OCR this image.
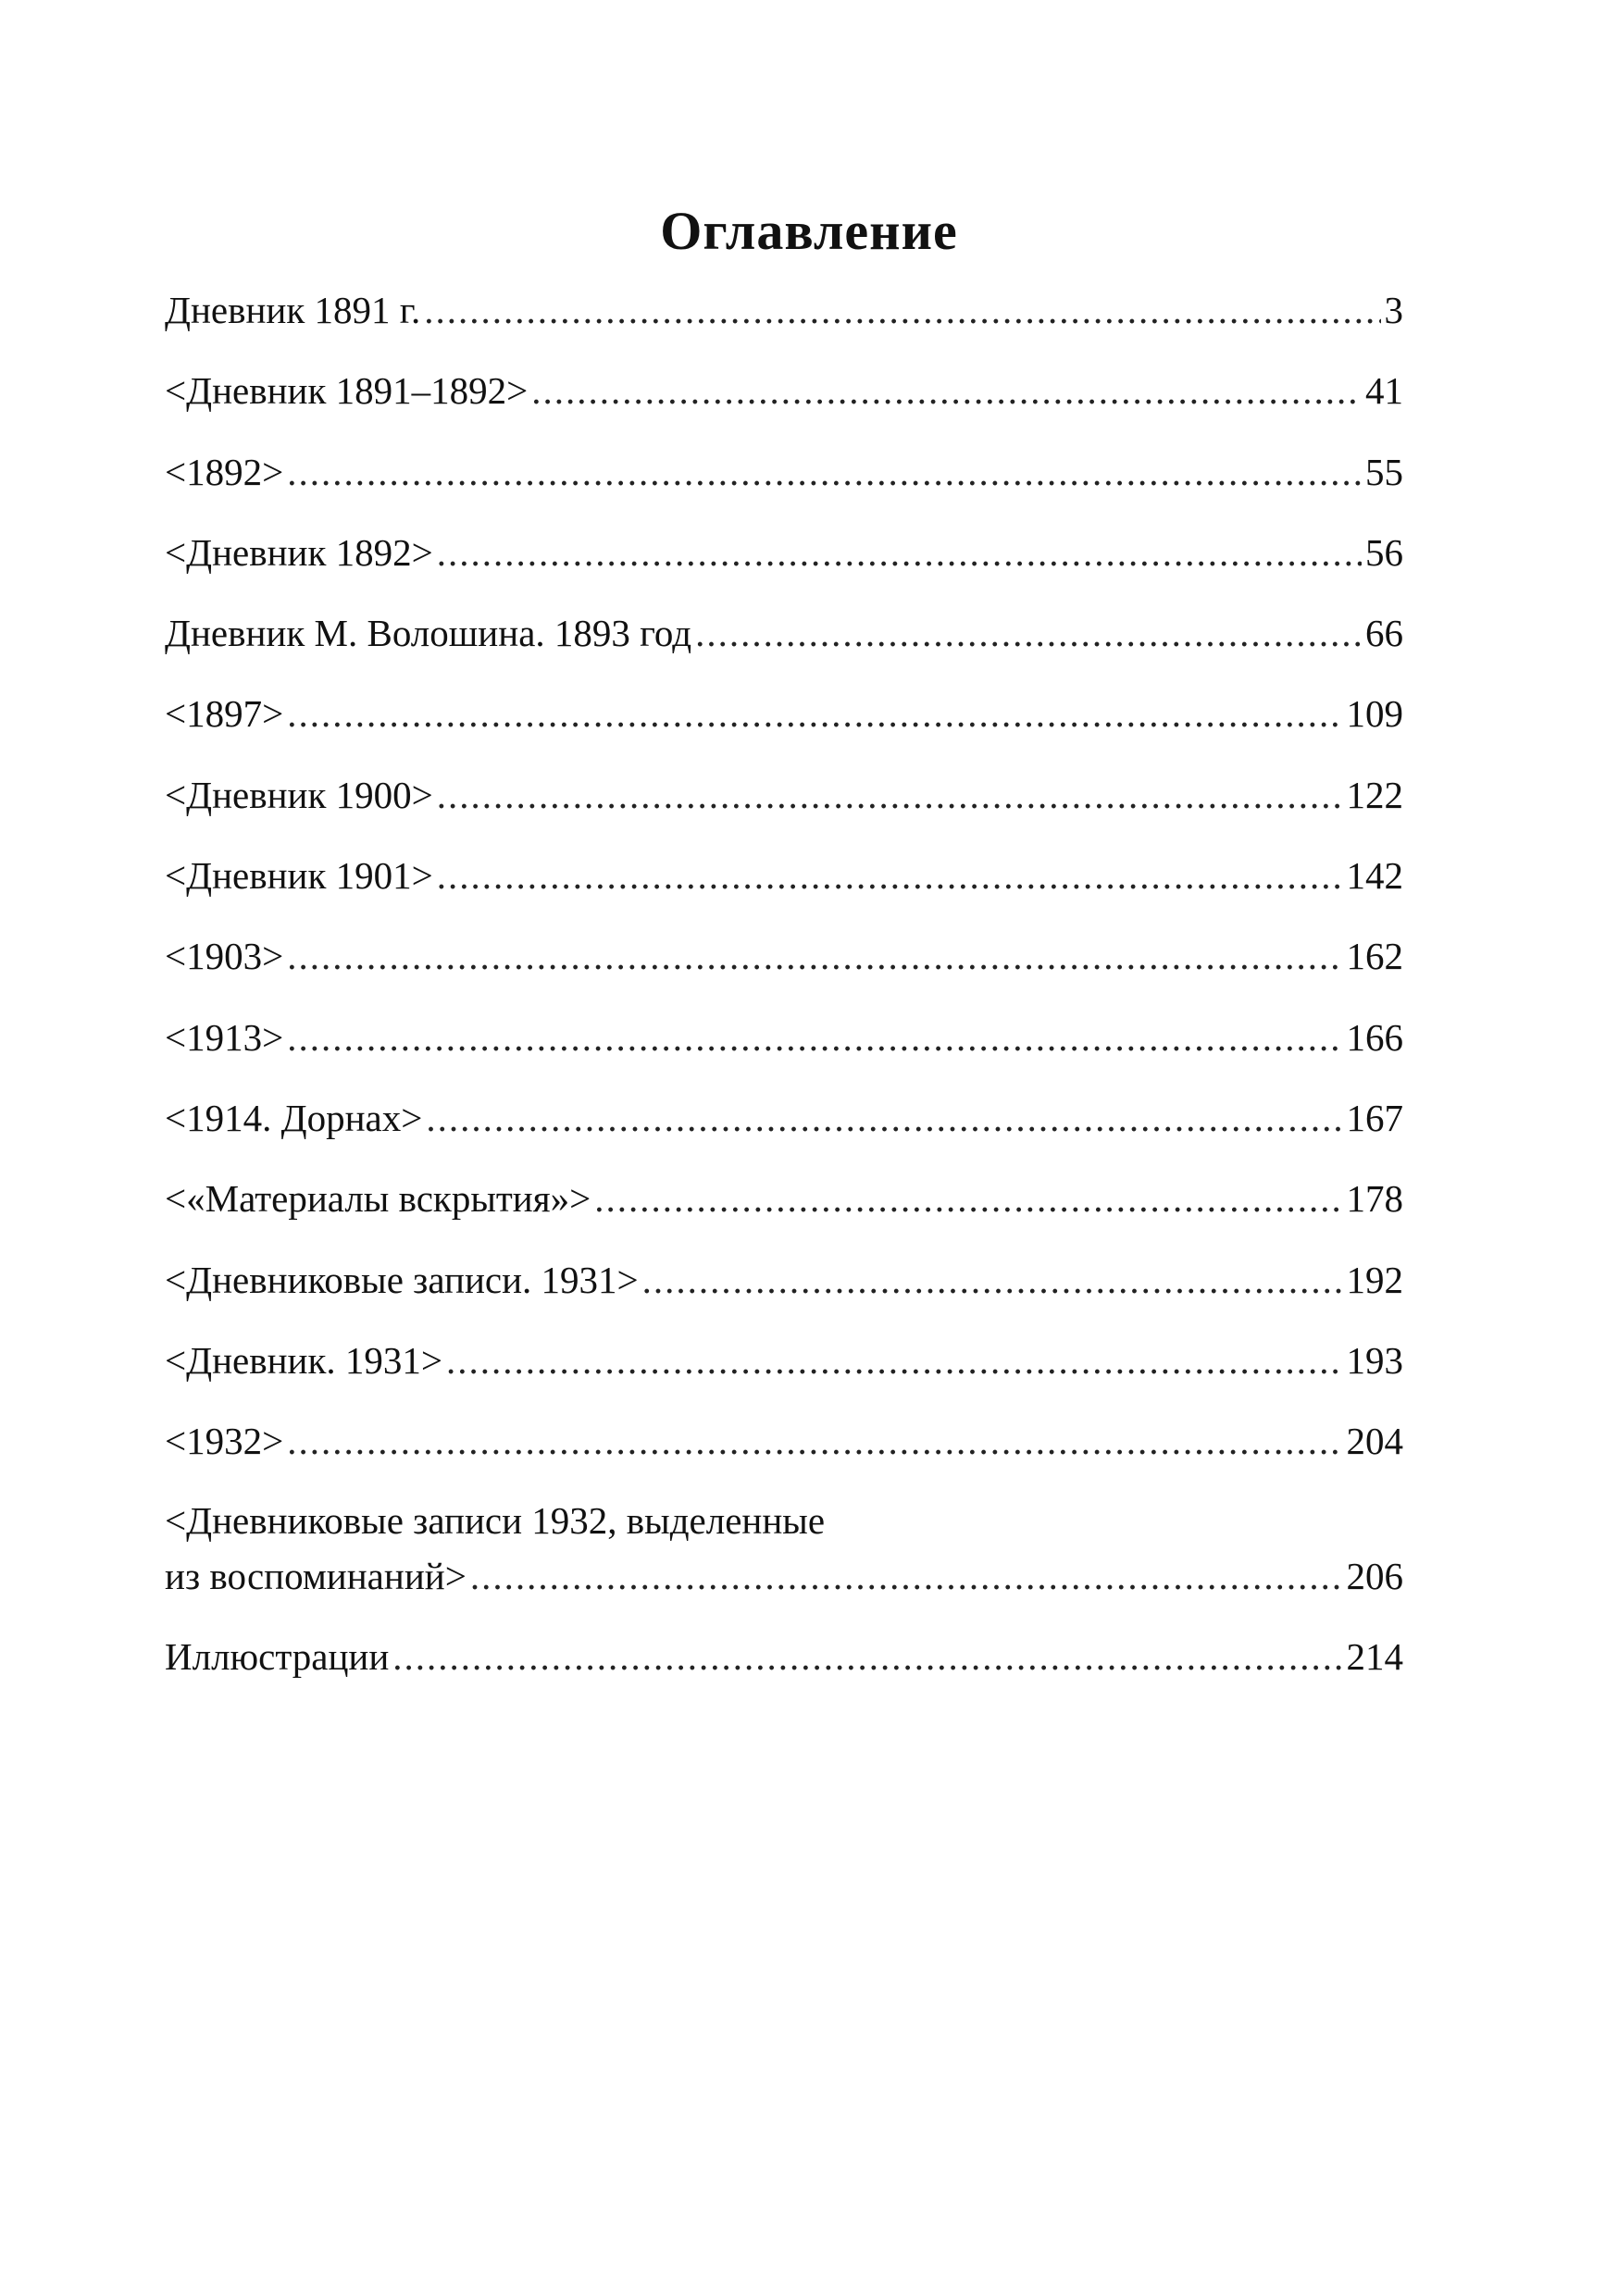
Оглавление
Дневник 1891 г. .....	3
<Дневник 1891–1892> .....	41
<1892> .....	55
<Дневник 1892> .....	56
Дневник М. Волошина. 1893 год .....	66
<1897> .....	109
<Дневник 1900> .....	122
<Дневник 1901> .....	142
<1903> .....	162
<1913> .....	166
<1914. Дорнах> .....	167
<«Материалы вскрытия»> .....	178
<Дневниковые записи. 1931> .....	192
<Дневник. 1931> .....	193
<1932> .....	204
<Дневниковые записи 1932, выделенные
из воспоминаний> .....	206
Иллюстрации .....	214
